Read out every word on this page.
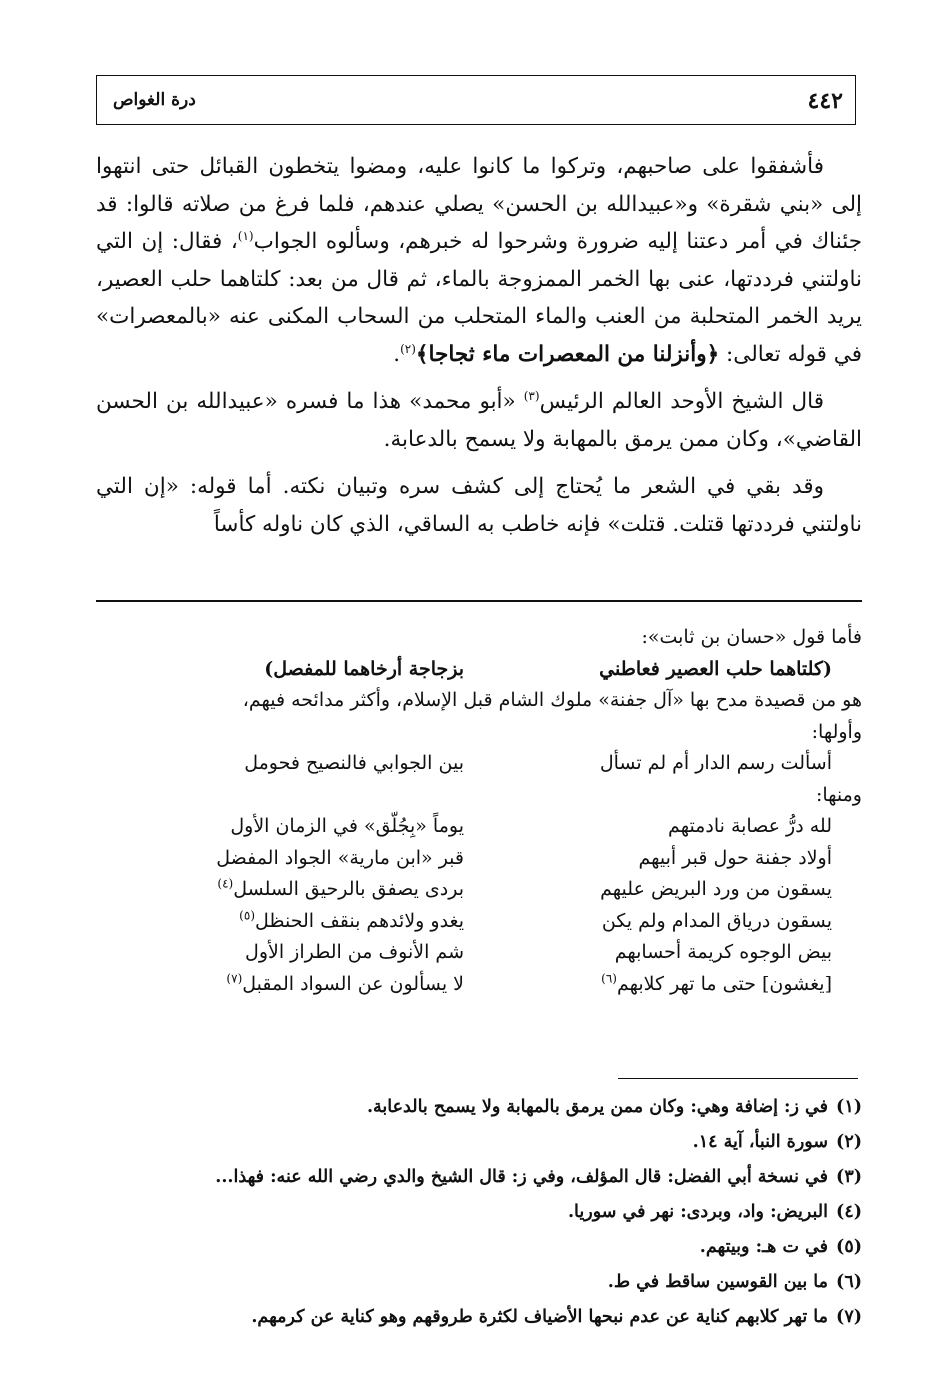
٤٤٢
درة الغواص

فأشفقوا على صاحبهم، وتركوا ما كانوا عليه، ومضوا يتخطون القبائل حتى انتهوا إلى «بني شقرة» و«عبيدالله بن الحسن» يصلي عندهم، فلما فرغ من صلاته قالوا: قد جئناك في أمر دعتنا إليه ضرورة وشرحوا له خبرهم، وسألوه الجواب$^{(١)}$، فقال: إن التي ناولتني فرددتها، عنى بها الخمر الممزوجة بالماء، ثم قال من بعد: كلتاهما حلب العصير، يريد الخمر المتحلبة من العنب والماء المتحلب من السحاب المكنى عنه «بالمعصرات» في قوله تعالى: ﴿وأنزلنا من المعصرات ماء ثجاجا﴾$^{(٢)}$.

قال الشيخ الأوحد العالم الرئيس$^{(٣)}$ «أبو محمد» هذا ما فسره «عبيدالله بن الحسن القاضي»، وكان ممن يرمق بالمهابة ولا يسمح بالدعابة.

وقد بقي في الشعر ما يُحتاج إلى كشف سره وتبيان نكته. أما قوله: «إن التي ناولتني فرددتها قتلت. قتلت» فإنه خاطب به الساقي، الذي كان ناوله كأساً

فأما قول «حسان بن ثابت»:

(كلتاهما حلب العصير فعاطني
بزجاجة أرخاهما للمفصل)

هو من قصيدة مدح بها «آل جفنة» ملوك الشام قبل الإسلام، وأكثر مدائحه فيهم،

وأولها:

أسألت رسم الدار أم لم تسأل
بين الجوابي فالنصيح فحومل

ومنها:

لله درُّ عصابة نادمتهم
يوماً «بِجُلّق» في الزمان الأول
أولاد جفنة حول قبر أبيهم
قبر «ابن مارية» الجواد المفضل
يسقون من ورد البريض عليهم
بردى يصفق بالرحيق السلسل$^{(٤)}$
يسقون درياق المدام ولم يكن
يغدو ولائدهم بنقف الحنظل$^{(٥)}$
بيض الوجوه كريمة أحسابهم
شم الأنوف من الطراز الأول
[يغشون] حتى ما تهر كلابهم$^{(٦)}$
لا يسألون عن السواد المقبل$^{(٧)}$
(١)
في ز: إضافة وهي: وكان ممن يرمق بالمهابة ولا يسمح بالدعابة.
(٢)
سورة النبأ، آية ١٤.
(٣)
في نسخة أبي الفضل: قال المؤلف، وفي ز: قال الشيخ والدي رضي الله عنه: فهذا...
(٤)
البريض: واد، وبردى: نهر في سوريا.
(٥)
في ت هـ: وبيتهم.
(٦)
ما بين القوسين ساقط في ط.
(٧)
ما تهر كلابهم كناية عن عدم نبحها الأضياف لكثرة طروقهم وهو كناية عن كرمهم.
